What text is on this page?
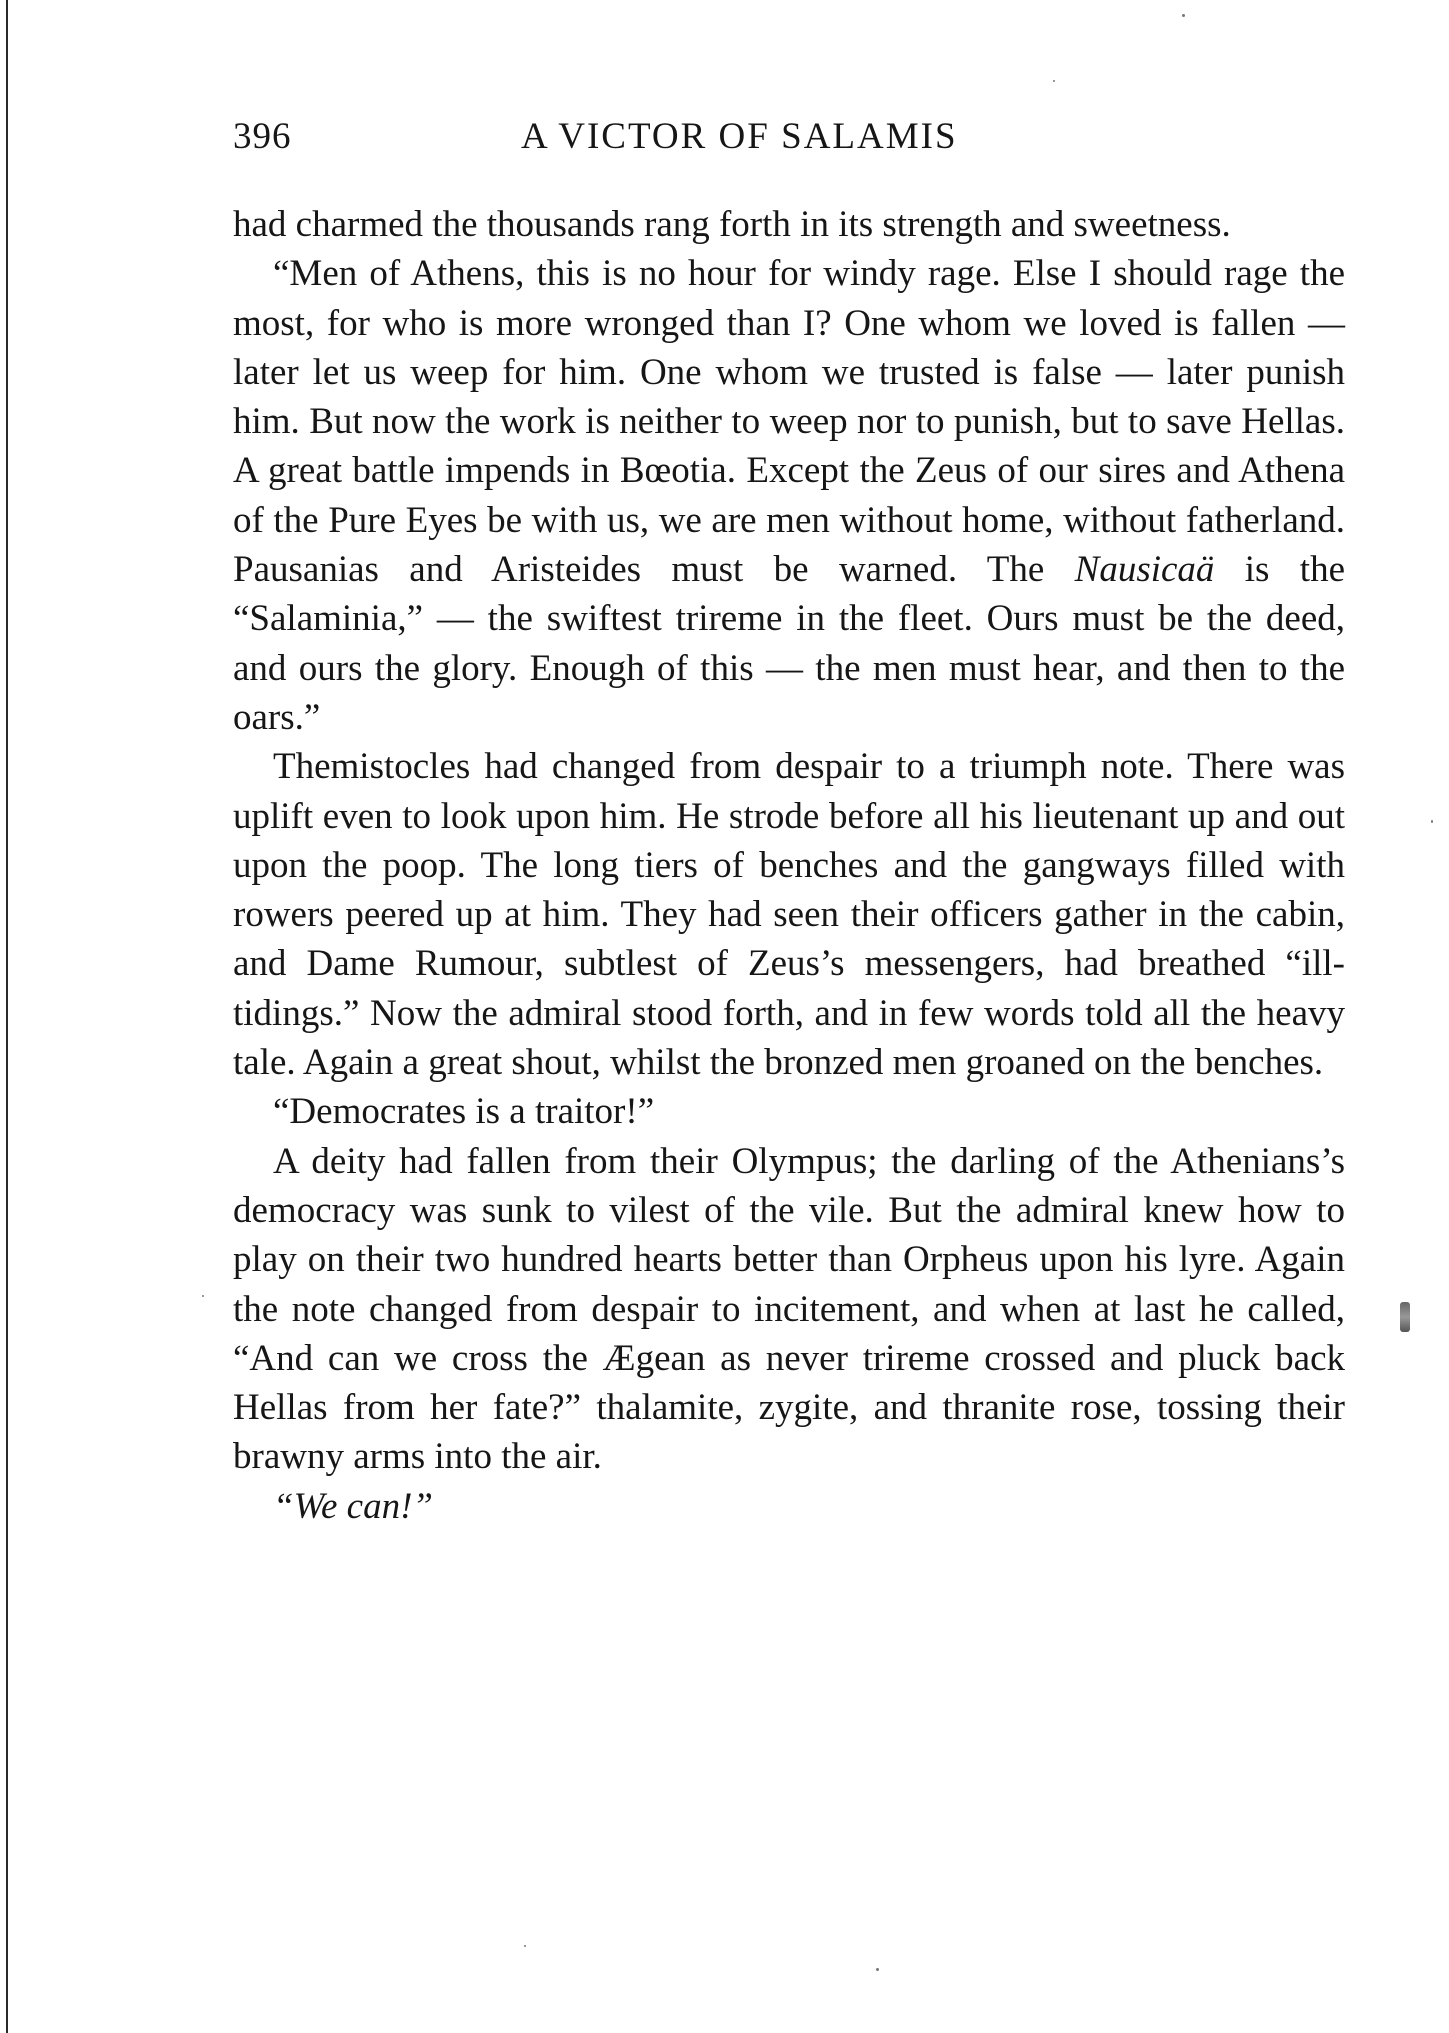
396	A VICTOR OF SALAMIS

had charmed the thousands rang forth in its strength and sweetness.

“Men of Athens, this is no hour for windy rage. Else I should rage the most, for who is more wronged than I? One whom we loved is fallen — later let us weep for him. One whom we trusted is false — later punish him. But now the work is neither to weep nor to punish, but to save Hellas. A great battle impends in Bœotia. Except the Zeus of our sires and Athena of the Pure Eyes be with us, we are men without home, without fatherland. Pausanias and Aristeides must be warned. The Nausicaä is the “Salaminia,” — the swiftest trireme in the fleet. Ours must be the deed, and ours the glory. Enough of this — the men must hear, and then to the oars.”

Themistocles had changed from despair to a triumph note. There was uplift even to look upon him. He strode before all his lieutenant up and out upon the poop. The long tiers of benches and the gangways filled with rowers peered up at him. They had seen their officers gather in the cabin, and Dame Rumour, subtlest of Zeus’s messengers, had breathed “ill-tidings.” Now the admiral stood forth, and in few words told all the heavy tale. Again a great shout, whilst the bronzed men groaned on the benches.

“Democrates is a traitor!”

A deity had fallen from their Olympus; the darling of the Athenians’s democracy was sunk to vilest of the vile. But the admiral knew how to play on their two hundred hearts better than Orpheus upon his lyre. Again the note changed from despair to incitement, and when at last he called, “And can we cross the Ægean as never trireme crossed and pluck back Hellas from her fate?” thalamite, zygite, and thranite rose, tossing their brawny arms into the air.

“We can!”
